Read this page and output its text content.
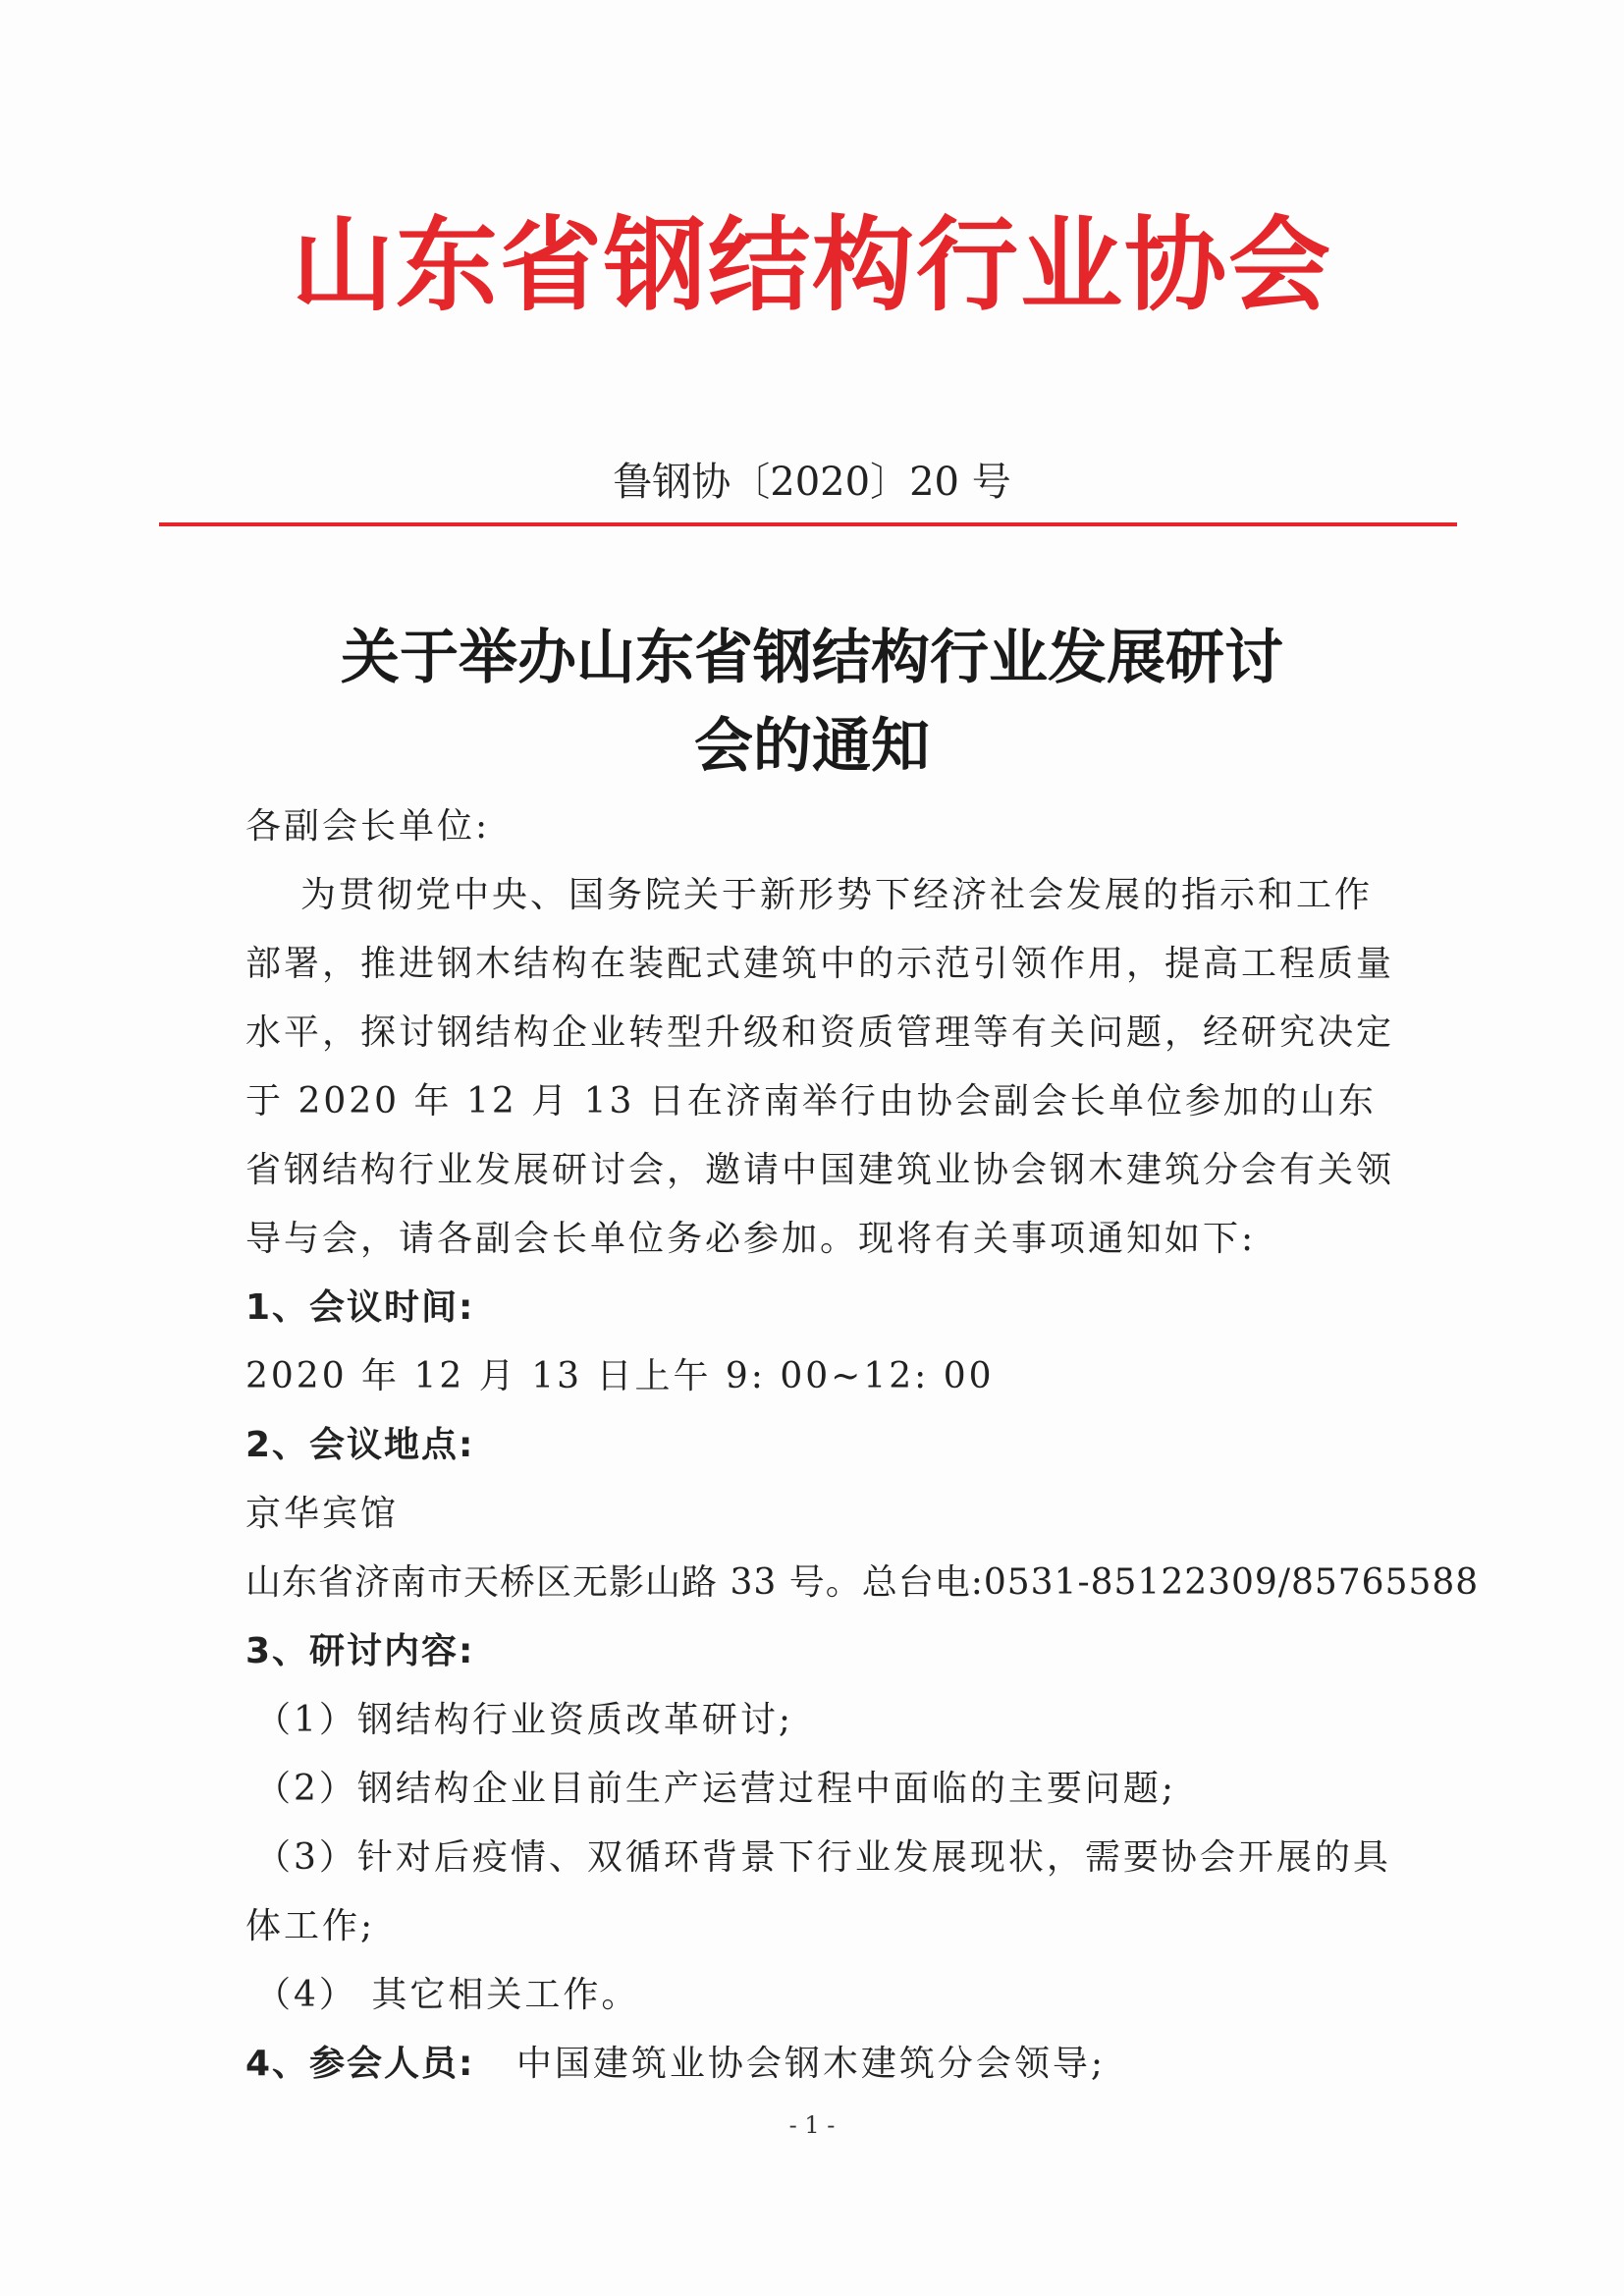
山东省钢结构行业协会
鲁钢协〔2020〕20 号
关于举办山东省钢结构行业发展研讨
会的通知
各副会长单位:
为贯彻党中央、国务院关于新形势下经济社会发展的指示和工作
部署，推进钢木结构在装配式建筑中的示范引领作用，提高工程质量
水平，探讨钢结构企业转型升级和资质管理等有关问题，经研究决定
于 2020 年 12 月 13 日在济南举行由协会副会长单位参加的山东
省钢结构行业发展研讨会，邀请中国建筑业协会钢木建筑分会有关领
导与会，请各副会长单位务必参加。现将有关事项通知如下:
1、会议时间:
2020 年 12 月 13 日上午 9: 00~12: 00
2、会议地点:
京华宾馆
山东省济南市天桥区无影山路 33 号。总台电:0531-85122309/85765588
3、研讨内容:
（1）钢结构行业资质改革研讨;
（2）钢结构企业目前生产运营过程中面临的主要问题;
（3）针对后疫情、双循环背景下行业发展现状，需要协会开展的具
体工作;
（4） 其它相关工作。
4、参会人员: 中国建筑业协会钢木建筑分会领导;
- 1 -
